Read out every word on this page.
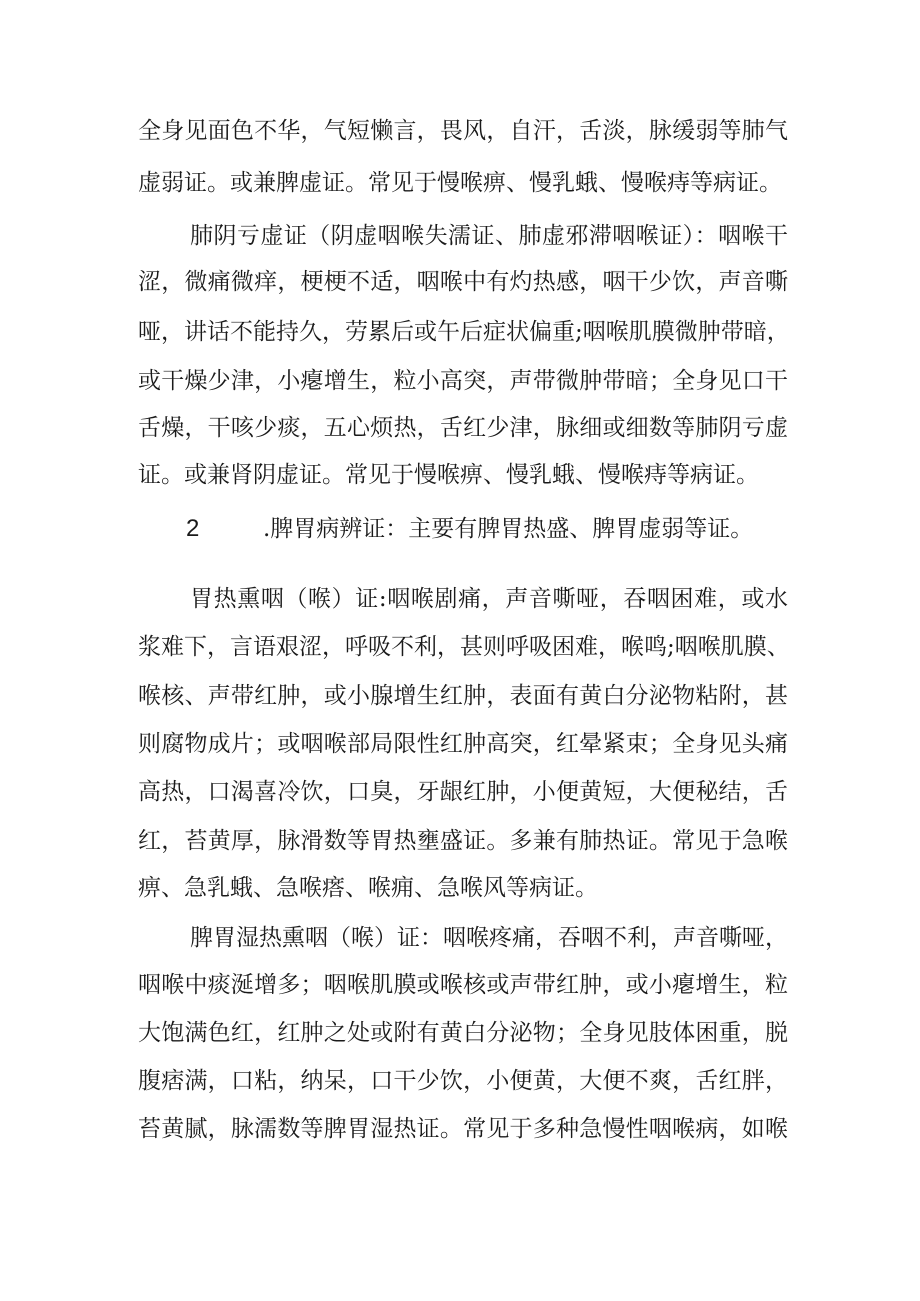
全身见面色不华，气短懒言，畏风，自汗，舌淡，脉缓弱等肺气
虚弱证。或兼脾虚证。常见于慢喉痹、慢乳蛾、慢喉痔等病证。
肺阴亏虚证（阴虚咽喉失濡证、肺虚邪滞咽喉证）：咽喉干
涩，微痛微痒，梗梗不适，咽喉中有灼热感，咽干少饮，声音嘶
哑，讲话不能持久，劳累后或午后症状偏重;咽喉肌膜微肿带暗，
或干燥少津，小瘪增生，粒小高突，声带微肿带暗；全身见口干
舌燥，干咳少痰，五心烦热，舌红少津，脉细或细数等肺阴亏虚
证。或兼肾阴虚证。常见于慢喉痹、慢乳蛾、慢喉痔等病证。
2	.脾胃病辨证：主要有脾胃热盛、脾胃虚弱等证。
胃热熏咽（喉）证:咽喉剧痛，声音嘶哑，吞咽困难，或水
浆难下，言语艰涩，呼吸不利，甚则呼吸困难，喉鸣;咽喉肌膜、
喉核、声带红肿，或小腺增生红肿，表面有黄白分泌物粘附，甚
则腐物成片；或咽喉部局限性红肿高突，红晕紧束；全身见头痛
高热，口渴喜冷饮，口臭，牙龈红肿，小便黄短，大便秘结，舌
红，苔黄厚，脉滑数等胃热壅盛证。多兼有肺热证。常见于急喉
痹、急乳蛾、急喉瘩、喉痈、急喉风等病证。
脾胃湿热熏咽（喉）证：咽喉疼痛，吞咽不利，声音嘶哑，
咽喉中痰涎增多；咽喉肌膜或喉核或声带红肿，或小瘪增生，粒
大饱满色红，红肿之处或附有黄白分泌物；全身见肢体困重，脱
腹痞满，口粘，纳呆，口干少饮，小便黄，大便不爽，舌红胖，
苔黄腻，脉濡数等脾胃湿热证。常见于多种急慢性咽喉病，如喉
